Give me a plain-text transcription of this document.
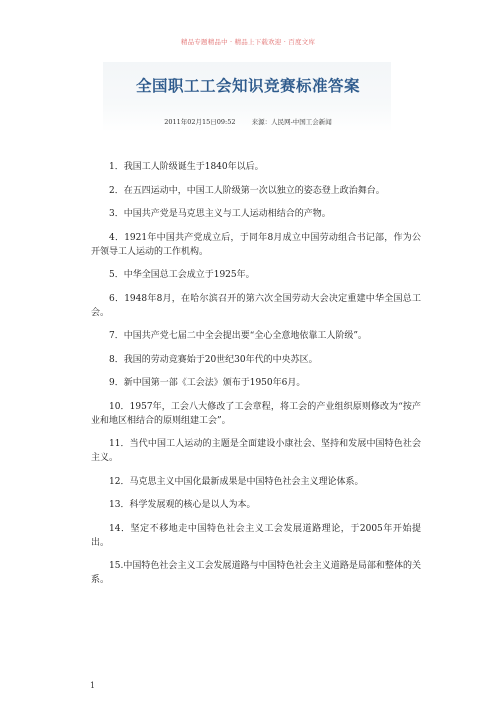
精品专题精品中 · 精品上下载欢迎 · 百度文库
全国职工工会知识竞赛标准答案
2011年02月15日09:52 来源：人民网-中国工会新闻

1．我国工人阶级诞生于1840年以后。

2．在五四运动中，中国工人阶级第一次以独立的姿态登上政治舞台。

3．中国共产党是马克思主义与工人运动相结合的产物。

4．1921年中国共产党成立后，于同年8月成立中国劳动组合书记部，作为公开领导工人运动的工作机构。

5．中华全国总工会成立于1925年。

6．1948年8月，在哈尔滨召开的第六次全国劳动大会决定重建中华全国总工会。

7．中国共产党七届二中全会提出要“全心全意地依靠工人阶级”。

8．我国的劳动竞赛始于20世纪30年代的中央苏区。

9．新中国第一部《工会法》颁布于1950年6月。

10．1957年，工会八大修改了工会章程，将工会的产业组织原则修改为“按产业和地区相结合的原则组建工会”。

11．当代中国工人运动的主题是全面建设小康社会、坚持和发展中国特色社会主义。

12．马克思主义中国化最新成果是中国特色社会主义理论体系。

13．科学发展观的核心是以人为本。

14．坚定不移地走中国特色社会主义工会发展道路理论，于2005年开始提出。

15.中国特色社会主义工会发展道路与中国特色社会主义道路是局部和整体的关系。

1
